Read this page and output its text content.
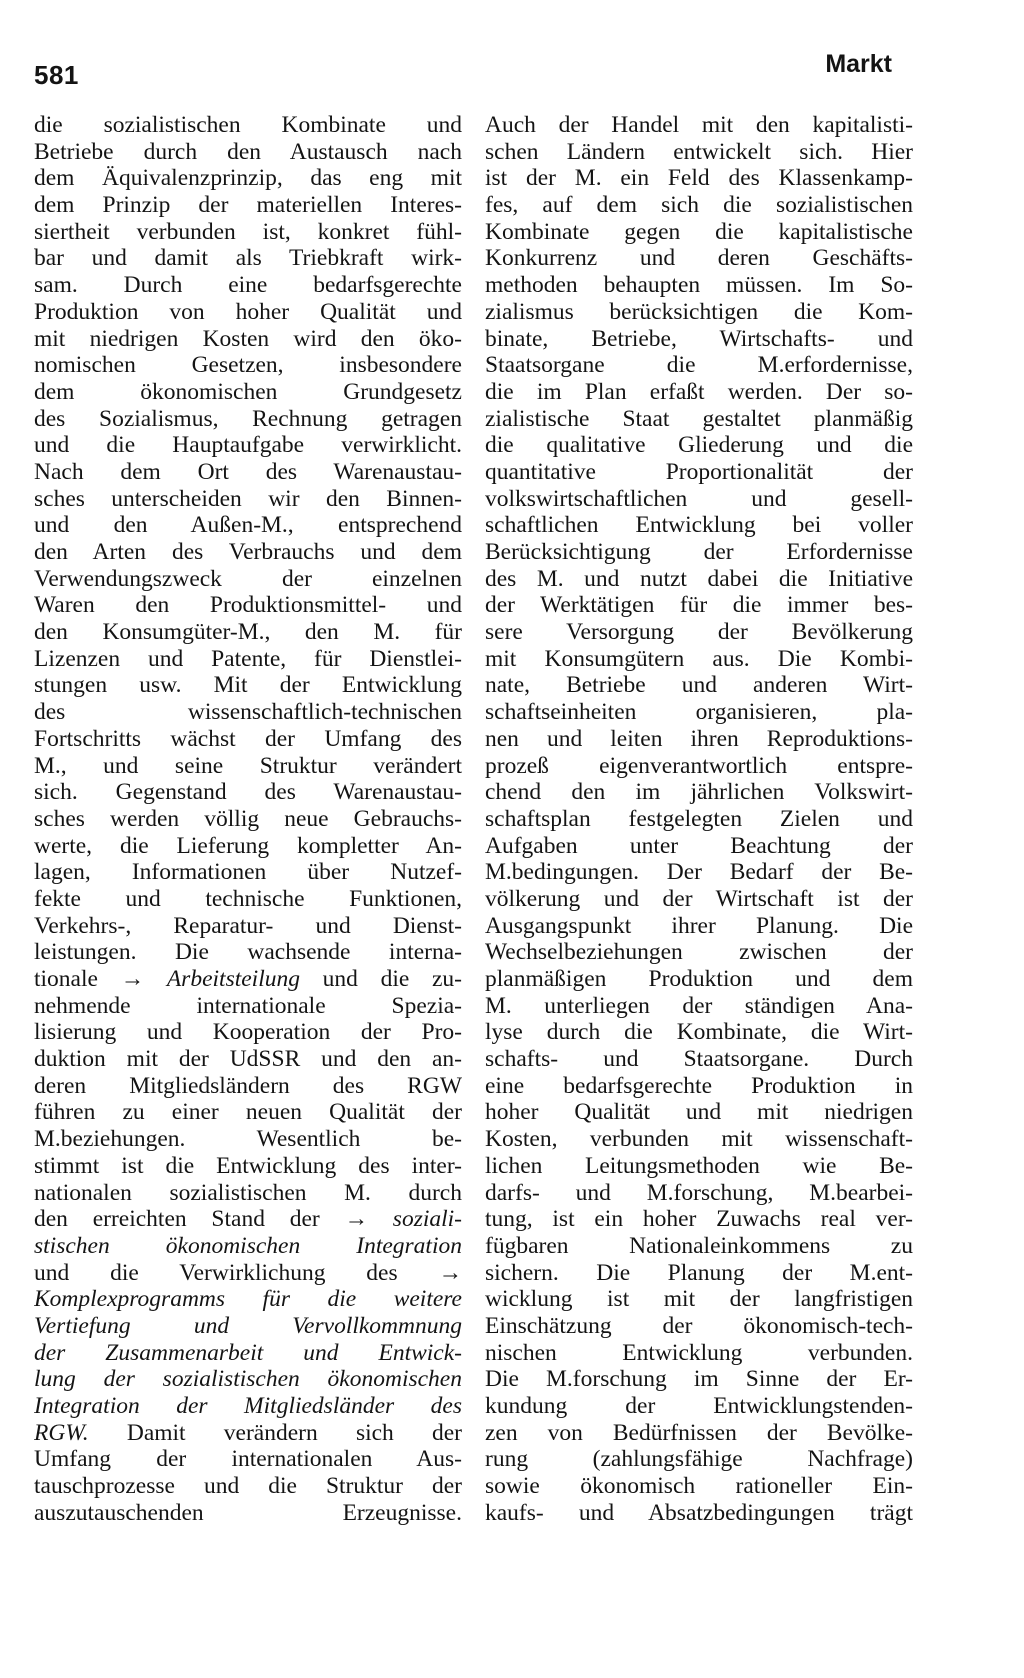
581	Markt
die sozialistischen Kombinate und
Betriebe durch den Austausch nach
dem Äquivalenzprinzip, das eng mit
dem Prinzip der materiellen Interes-
siertheit verbunden ist, konkret fühl-
bar und damit als Triebkraft wirk-
sam. Durch eine bedarfsgerechte
Produktion von hoher Qualität und
mit niedrigen Kosten wird den öko-
nomischen Gesetzen, insbesondere
dem ökonomischen Grundgesetz
des Sozialismus, Rechnung getragen
und die Hauptaufgabe verwirklicht.
Nach dem Ort des Warenaustau-
sches unterscheiden wir den Binnen-
und den Außen-M., entsprechend
den Arten des Verbrauchs und dem
Verwendungszweck der einzelnen
Waren den Produktionsmittel- und
den Konsumgüter-M., den M. für
Lizenzen und Patente, für Dienstlei-
stungen usw. Mit der Entwicklung
des wissenschaftlich-technischen
Fortschritts wächst der Umfang des
M., und seine Struktur verändert
sich. Gegenstand des Warenaustau-
sches werden völlig neue Gebrauchs-
werte, die Lieferung kompletter An-
lagen, Informationen über Nutzef-
fekte und technische Funktionen,
Verkehrs-, Reparatur- und Dienst-
leistungen. Die wachsende interna-
tionale → Arbeitsteilung und die zu-
nehmende internationale Spezia-
lisierung und Kooperation der Pro-
duktion mit der UdSSR und den an-
deren Mitgliedsländern des RGW
führen zu einer neuen Qualität der
M.beziehungen. Wesentlich be-
stimmt ist die Entwicklung des inter-
nationalen sozialistischen M. durch
den erreichten Stand der → soziali-
stischen ökonomischen Integration
und die Verwirklichung des →
Komplexprogramms für die weitere
Vertiefung und Vervollkommnung
der Zusammenarbeit und Entwick-
lung der sozialistischen ökonomischen
Integration der Mitgliedsländer des
RGW. Damit verändern sich der
Umfang der internationalen Aus-
tauschprozesse und die Struktur der
auszutauschenden Erzeugnisse.
Auch der Handel mit den kapitalisti-
schen Ländern entwickelt sich. Hier
ist der M. ein Feld des Klassenkamp-
fes, auf dem sich die sozialistischen
Kombinate gegen die kapitalistische
Konkurrenz und deren Geschäfts-
methoden behaupten müssen. Im So-
zialismus berücksichtigen die Kom-
binate, Betriebe, Wirtschafts- und
Staatsorgane die M.erfordernisse,
die im Plan erfaßt werden. Der so-
zialistische Staat gestaltet planmäßig
die qualitative Gliederung und die
quantitative Proportionalität der
volkswirtschaftlichen und gesell-
schaftlichen Entwicklung bei voller
Berücksichtigung der Erfordernisse
des M. und nutzt dabei die Initiative
der Werktätigen für die immer bes-
sere Versorgung der Bevölkerung
mit Konsumgütern aus. Die Kombi-
nate, Betriebe und anderen Wirt-
schaftseinheiten organisieren, pla-
nen und leiten ihren Reproduktions-
prozeß eigenverantwortlich entspre-
chend den im jährlichen Volkswirt-
schaftsplan festgelegten Zielen und
Aufgaben unter Beachtung der
M.bedingungen. Der Bedarf der Be-
völkerung und der Wirtschaft ist der
Ausgangspunkt ihrer Planung. Die
Wechselbeziehungen zwischen der
planmäßigen Produktion und dem
M. unterliegen der ständigen Ana-
lyse durch die Kombinate, die Wirt-
schafts- und Staatsorgane. Durch
eine bedarfsgerechte Produktion in
hoher Qualität und mit niedrigen
Kosten, verbunden mit wissenschaft-
lichen Leitungsmethoden wie Be-
darfs- und M.forschung, M.bearbei-
tung, ist ein hoher Zuwachs real ver-
fügbaren Nationaleinkommens zu
sichern. Die Planung der M.ent-
wicklung ist mit der langfristigen
Einschätzung der ökonomisch-tech-
nischen Entwicklung verbunden.
Die M.forschung im Sinne der Er-
kundung der Entwicklungstenden-
zen von Bedürfnissen der Bevölke-
rung (zahlungsfähige Nachfrage)
sowie ökonomisch rationeller Ein-
kaufs- und Absatzbedingungen trägt
